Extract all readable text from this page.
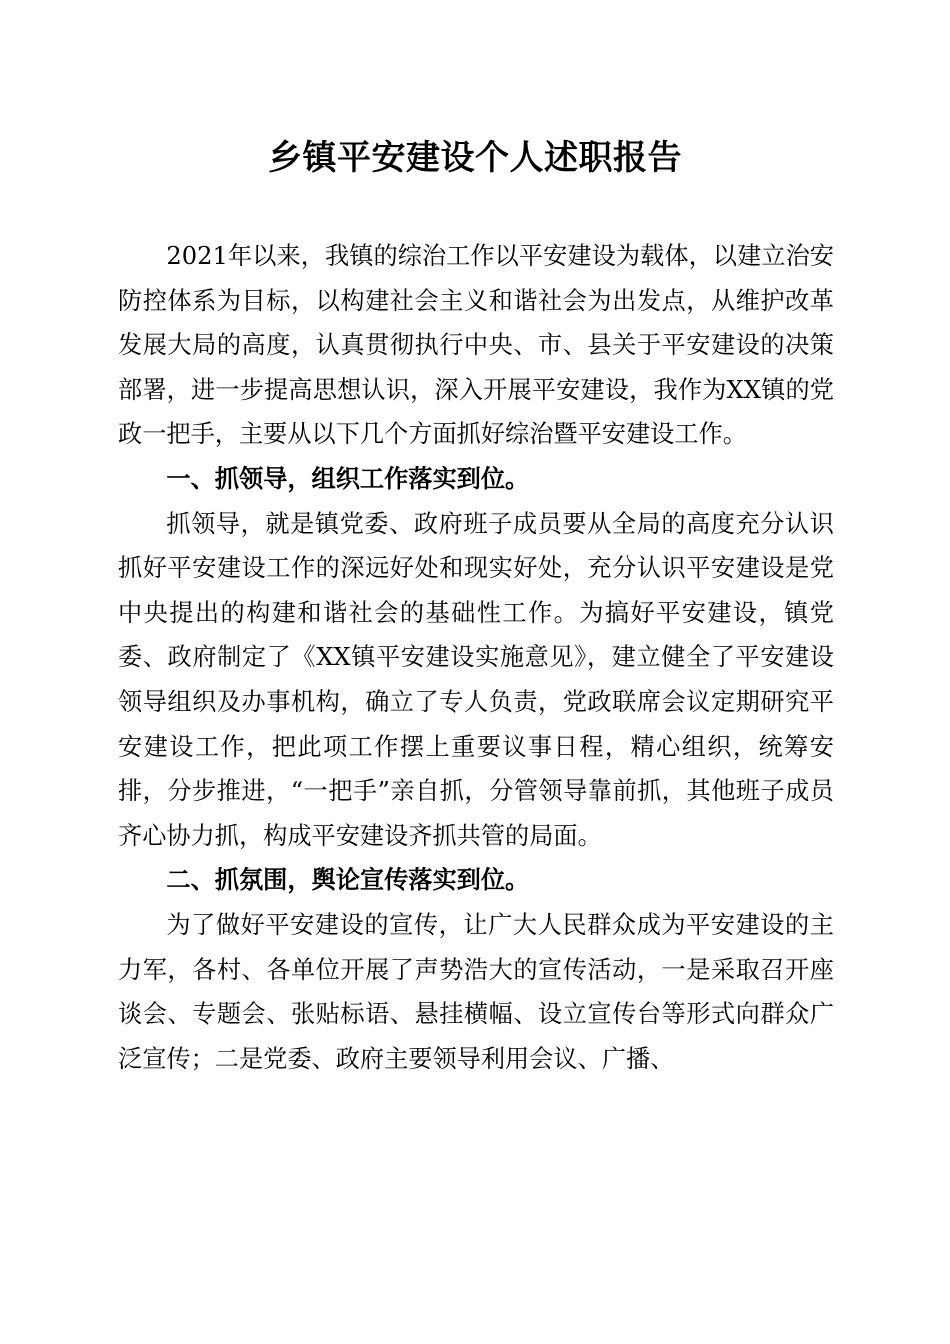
乡镇平安建设个人述职报告

2021年以来，我镇的综治工作以平安建设为载体，以建立治安防控体系为目标，以构建社会主义和谐社会为出发点，从维护改革发展大局的高度，认真贯彻执行中央、市、县关于平安建设的决策部署，进一步提高思想认识，深入开展平安建设，我作为XX镇的党政一把手，主要从以下几个方面抓好综治暨平安建设工作。

一、抓领导，组织工作落实到位。

抓领导，就是镇党委、政府班子成员要从全局的高度充分认识抓好平安建设工作的深远好处和现实好处，充分认识平安建设是党中央提出的构建和谐社会的基础性工作。为搞好平安建设，镇党委、政府制定了《XX镇平安建设实施意见》，建立健全了平安建设领导组织及办事机构，确立了专人负责，党政联席会议定期研究平安建设工作，把此项工作摆上重要议事日程，精心组织，统筹安排，分步推进，“一把手”亲自抓，分管领导靠前抓，其他班子成员齐心协力抓，构成平安建设齐抓共管的局面。

二、抓氛围，舆论宣传落实到位。

为了做好平安建设的宣传，让广大人民群众成为平安建设的主力军，各村、各单位开展了声势浩大的宣传活动，一是采取召开座谈会、专题会、张贴标语、悬挂横幅、设立宣传台等形式向群众广泛宣传；二是党委、政府主要领导利用会议、广播、
